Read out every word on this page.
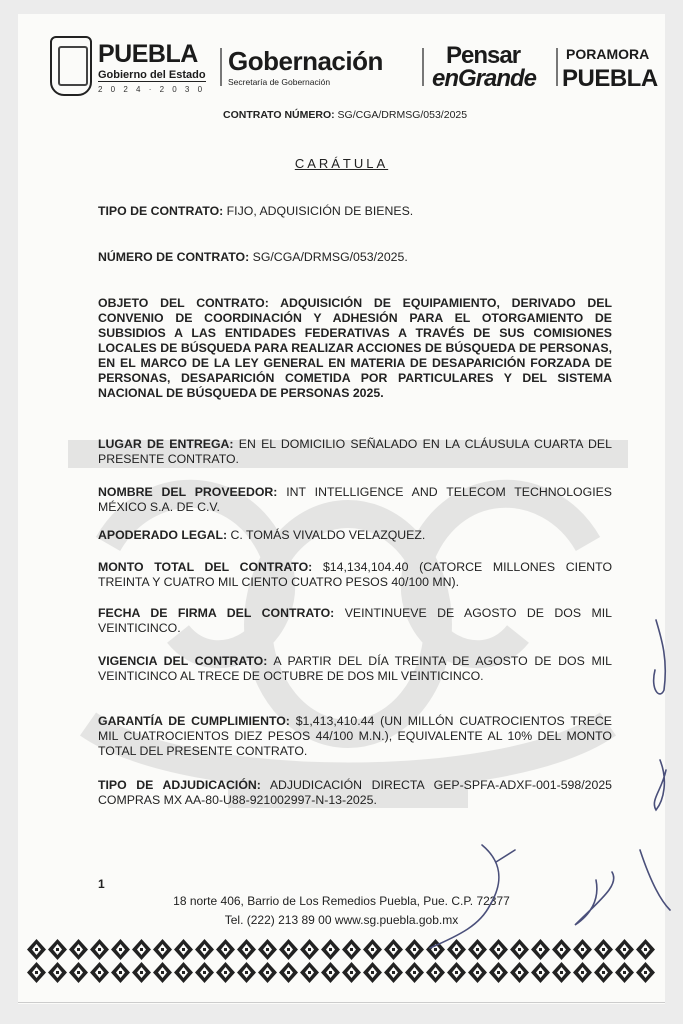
PUEBLA
Gobierno del Estado
2 0 2 4 · 2 0 3 0
Gobernación
Secretaría de Gobernación
Pensar
enGrande
PORAMORA
PUEBLA
CONTRATO NÚMERO: SG/CGA/DRMSG/053/2025
CARÁTULA
TIPO DE CONTRATO: FIJO, ADQUISICIÓN DE BIENES.
NÚMERO DE CONTRATO: SG/CGA/DRMSG/053/2025.
OBJETO DEL CONTRATO: ADQUISICIÓN DE EQUIPAMIENTO, DERIVADO DEL CONVENIO DE COORDINACIÓN Y ADHESIÓN PARA EL OTORGAMIENTO DE SUBSIDIOS A LAS ENTIDADES FEDERATIVAS A TRAVÉS DE SUS COMISIONES LOCALES DE BÚSQUEDA PARA REALIZAR ACCIONES DE BÚSQUEDA DE PERSONAS, EN EL MARCO DE LA LEY GENERAL EN MATERIA DE DESAPARICIÓN FORZADA DE PERSONAS, DESAPARICIÓN COMETIDA POR PARTICULARES Y DEL SISTEMA NACIONAL DE BÚSQUEDA DE PERSONAS 2025.
LUGAR DE ENTREGA: EN EL DOMICILIO SEÑALADO EN LA CLÁUSULA CUARTA DEL PRESENTE CONTRATO.
NOMBRE DEL PROVEEDOR: INT INTELLIGENCE AND TELECOM TECHNOLOGIES MÉXICO S.A. DE C.V.
APODERADO LEGAL: C. TOMÁS VIVALDO VELAZQUEZ.
MONTO TOTAL DEL CONTRATO: $14,134,104.40 (CATORCE MILLONES CIENTO TREINTA Y CUATRO MIL CIENTO CUATRO PESOS 40/100 MN).
FECHA DE FIRMA DEL CONTRATO: VEINTINUEVE DE AGOSTO DE DOS MIL VEINTICINCO.
VIGENCIA DEL CONTRATO: A PARTIR DEL DÍA TREINTA DE AGOSTO DE DOS MIL VEINTICINCO AL TRECE DE OCTUBRE DE DOS MIL VEINTICINCO.
GARANTÍA DE CUMPLIMIENTO: $1,413,410.44 (UN MILLÓN CUATROCIENTOS TRECE MIL CUATROCIENTOS DIEZ PESOS 44/100 M.N.), EQUIVALENTE AL 10% DEL MONTO TOTAL DEL PRESENTE CONTRATO.
TIPO DE ADJUDICACIÓN: ADJUDICACIÓN DIRECTA GEP-SPFA-ADXF-001-598/2025 COMPRAS MX AA-80-U88-921002997-N-13-2025.
1
18 norte 406, Barrio de Los Remedios Puebla, Pue. C.P. 72377
Tel. (222) 213 89 00 www.sg.puebla.gob.mx
